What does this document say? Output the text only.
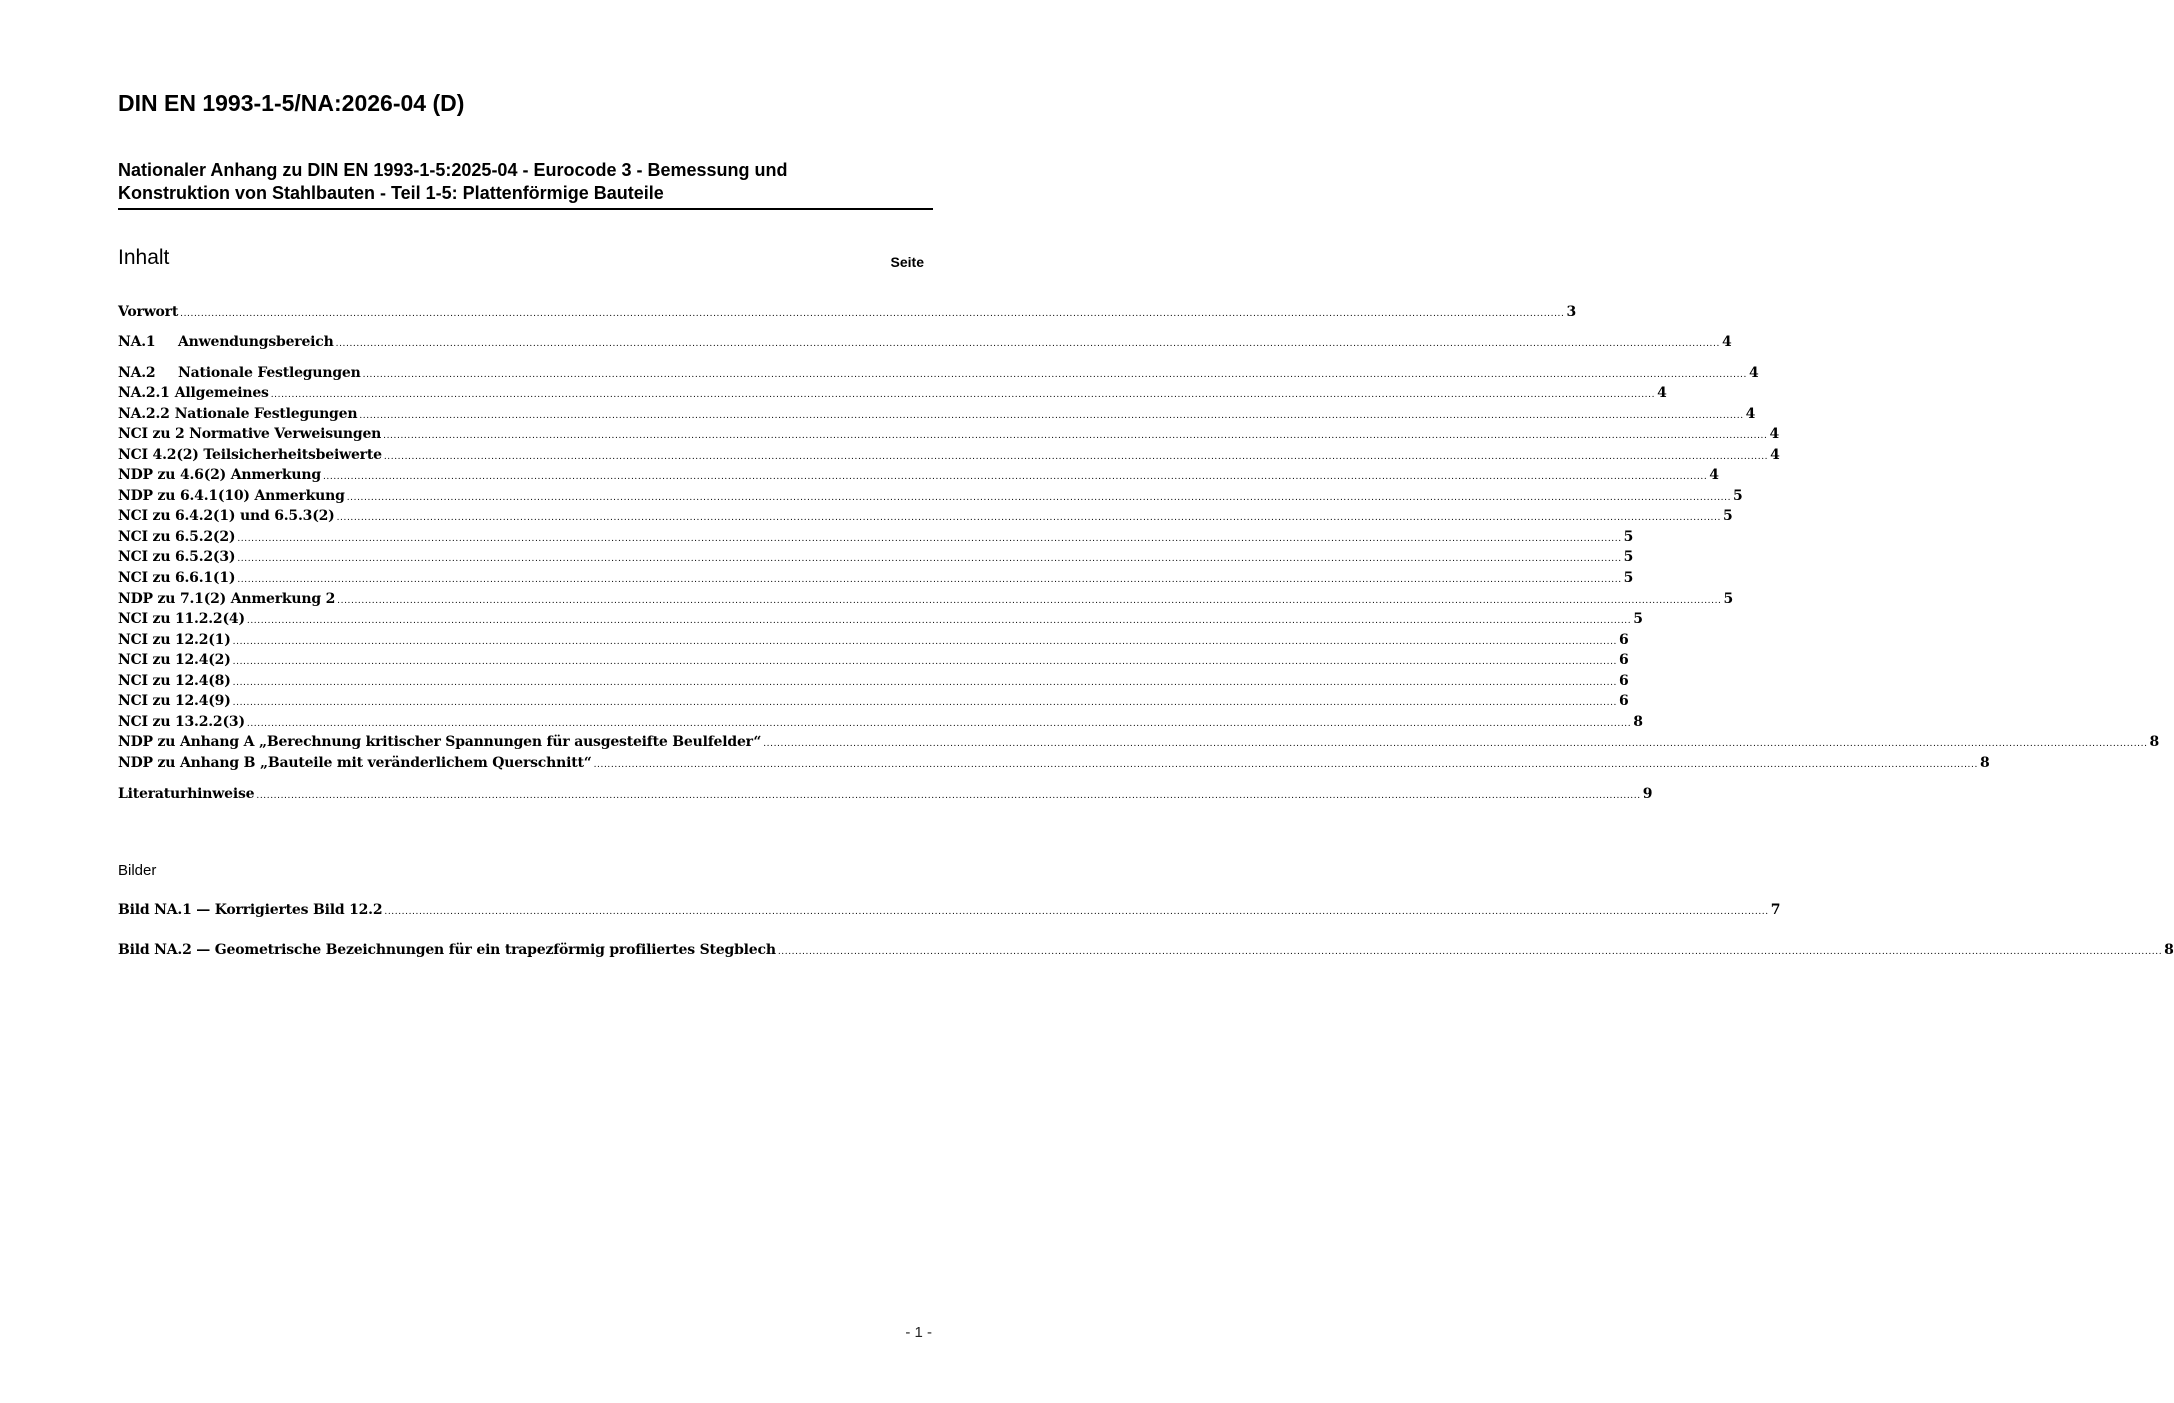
DIN EN 1993-1-5/NA:2026-04 (D)
Nationaler Anhang zu DIN EN 1993-1-5:2025-04 - Eurocode 3 - Bemessung und
Konstruktion von Stahlbauten - Teil 1-5: Plattenförmige Bauteile
Inhalt	Seite
Vorwort ................................................................................................................................................................................................................................................................................................................................................................................................................ 3
NA.1	Anwendungsbereich ................................................................................................................................................................................................................................................................................................................................................................................................................ 4
NA.2	Nationale Festlegungen ................................................................................................................................................................................................................................................................................................................................................................................................................ 4
NA.2.1 Allgemeines ................................................................................................................................................................................................................................................................................................................................................................................................................ 4
NA.2.2 Nationale Festlegungen ................................................................................................................................................................................................................................................................................................................................................................................................................ 4
NCI zu 2 Normative Verweisungen ................................................................................................................................................................................................................................................................................................................................................................................................................ 4
NCI 4.2(2) Teilsicherheitsbeiwerte ................................................................................................................................................................................................................................................................................................................................................................................................................ 4
NDP zu 4.6(2) Anmerkung ................................................................................................................................................................................................................................................................................................................................................................................................................ 4
NDP zu 6.4.1(10) Anmerkung ................................................................................................................................................................................................................................................................................................................................................................................................................ 5
NCI zu 6.4.2(1) und 6.5.3(2) ................................................................................................................................................................................................................................................................................................................................................................................................................ 5
NCI zu 6.5.2(2) ................................................................................................................................................................................................................................................................................................................................................................................................................ 5
NCI zu 6.5.2(3) ................................................................................................................................................................................................................................................................................................................................................................................................................ 5
NCI zu 6.6.1(1) ................................................................................................................................................................................................................................................................................................................................................................................................................ 5
NDP zu 7.1(2) Anmerkung 2 ................................................................................................................................................................................................................................................................................................................................................................................................................ 5
NCI zu 11.2.2(4) ................................................................................................................................................................................................................................................................................................................................................................................................................ 5
NCI zu 12.2(1) ................................................................................................................................................................................................................................................................................................................................................................................................................ 6
NCI zu 12.4(2) ................................................................................................................................................................................................................................................................................................................................................................................................................ 6
NCI zu 12.4(8) ................................................................................................................................................................................................................................................................................................................................................................................................................ 6
NCI zu 12.4(9) ................................................................................................................................................................................................................................................................................................................................................................................................................ 6
NCI zu 13.2.2(3) ................................................................................................................................................................................................................................................................................................................................................................................................................ 8
NDP zu Anhang A „Berechnung kritischer Spannungen für ausgesteifte Beulfelder“ ................................................................................................................................................................................................................................................................................................................................................................................................................ 8
NDP zu Anhang B „Bauteile mit veränderlichem Querschnitt“ ................................................................................................................................................................................................................................................................................................................................................................................................................ 8
Literaturhinweise ................................................................................................................................................................................................................................................................................................................................................................................................................ 9
Bilder
Bild NA.1 — Korrigiertes Bild 12.2 ................................................................................................................................................................................................................................................................................................................................................................................................................ 7
Bild NA.2 — Geometrische Bezeichnungen für ein trapezförmig profiliertes Stegblech ................................................................................................................................................................................................................................................................................................................................................................................................................ 8
- 1 -
